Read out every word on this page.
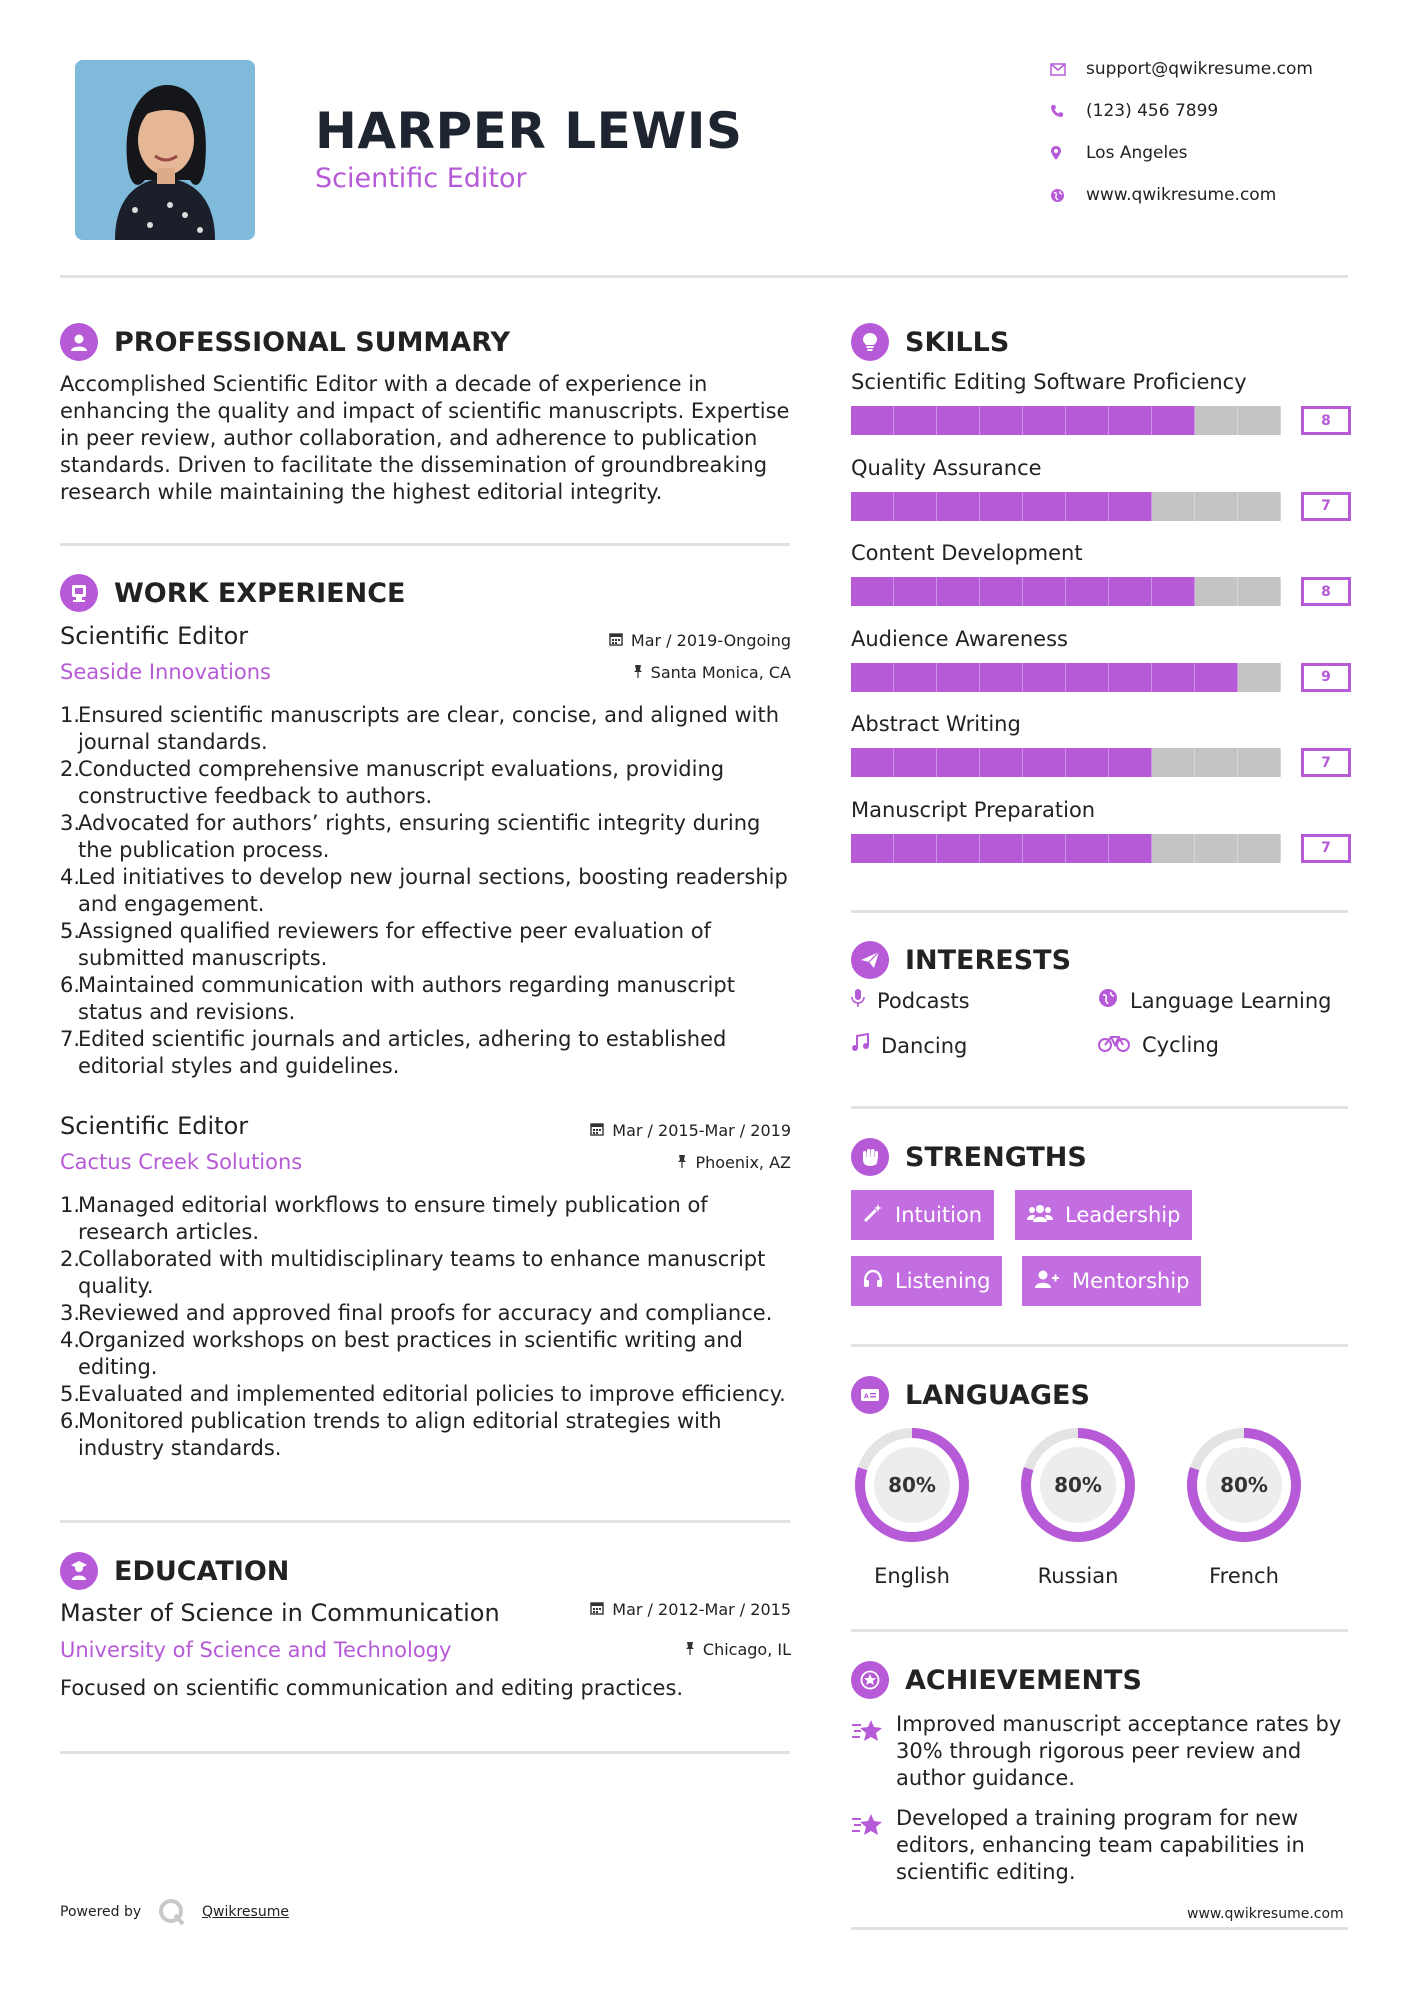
HARPER LEWIS
Scientific Editor
support@qwikresume.com
(123) 456 7899
Los Angeles
www.qwikresume.com
PROFESSIONAL SUMMARY
Accomplished Scientific Editor with a decade of experience in enhancing the quality and impact of scientific manuscripts. Expertise in peer review, author collaboration, and adherence to publication standards. Driven to facilitate the dissemination of groundbreaking research while maintaining the highest editorial integrity.
WORK EXPERIENCE
Scientific Editor	Mar / 2019-Ongoing
Seaside Innovations	Santa Monica, CA
1.
Ensured scientific manuscripts are clear, concise, and aligned with journal standards.
2.
Conducted comprehensive manuscript evaluations, providing constructive feedback to authors.
3.
Advocated for authors’ rights, ensuring scientific integrity during the publication process.
4.
Led initiatives to develop new journal sections, boosting readership and engagement.
5.
Assigned qualified reviewers for effective peer evaluation of submitted manuscripts.
6.
Maintained communication with authors regarding manuscript status and revisions.
7.
Edited scientific journals and articles, adhering to established editorial styles and guidelines.
Scientific Editor	Mar / 2015-Mar / 2019
Cactus Creek Solutions	Phoenix, AZ
1.
Managed editorial workflows to ensure timely publication of research articles.
2.
Collaborated with multidisciplinary teams to enhance manuscript quality.
3.
Reviewed and approved final proofs for accuracy and compliance.
4.
Organized workshops on best practices in scientific writing and editing.
5.
Evaluated and implemented editorial policies to improve efficiency.
6.
Monitored publication trends to align editorial strategies with industry standards.
EDUCATION
Master of Science in Communication	Mar / 2012-Mar / 2015
University of Science and Technology	Chicago, IL
Focused on scientific communication and editing practices.
Powered by	Qwikresume
SKILLS
Scientific Editing Software Proficiency
8
Quality Assurance
7
Content Development
8
Audience Awareness
9
Abstract Writing
7
Manuscript Preparation
7
INTERESTS
Podcasts	Language Learning
Dancing	Cycling
STRENGTHS
Intuition	Leadership
Listening	Mentorship
A LANGUAGES
80%
English
80%
Russian
80%
French
ACHIEVEMENTS
Improved manuscript acceptance rates by 30% through rigorous peer review and author guidance.
Developed a training program for new editors, enhancing team capabilities in scientific editing.
www.qwikresume.com
